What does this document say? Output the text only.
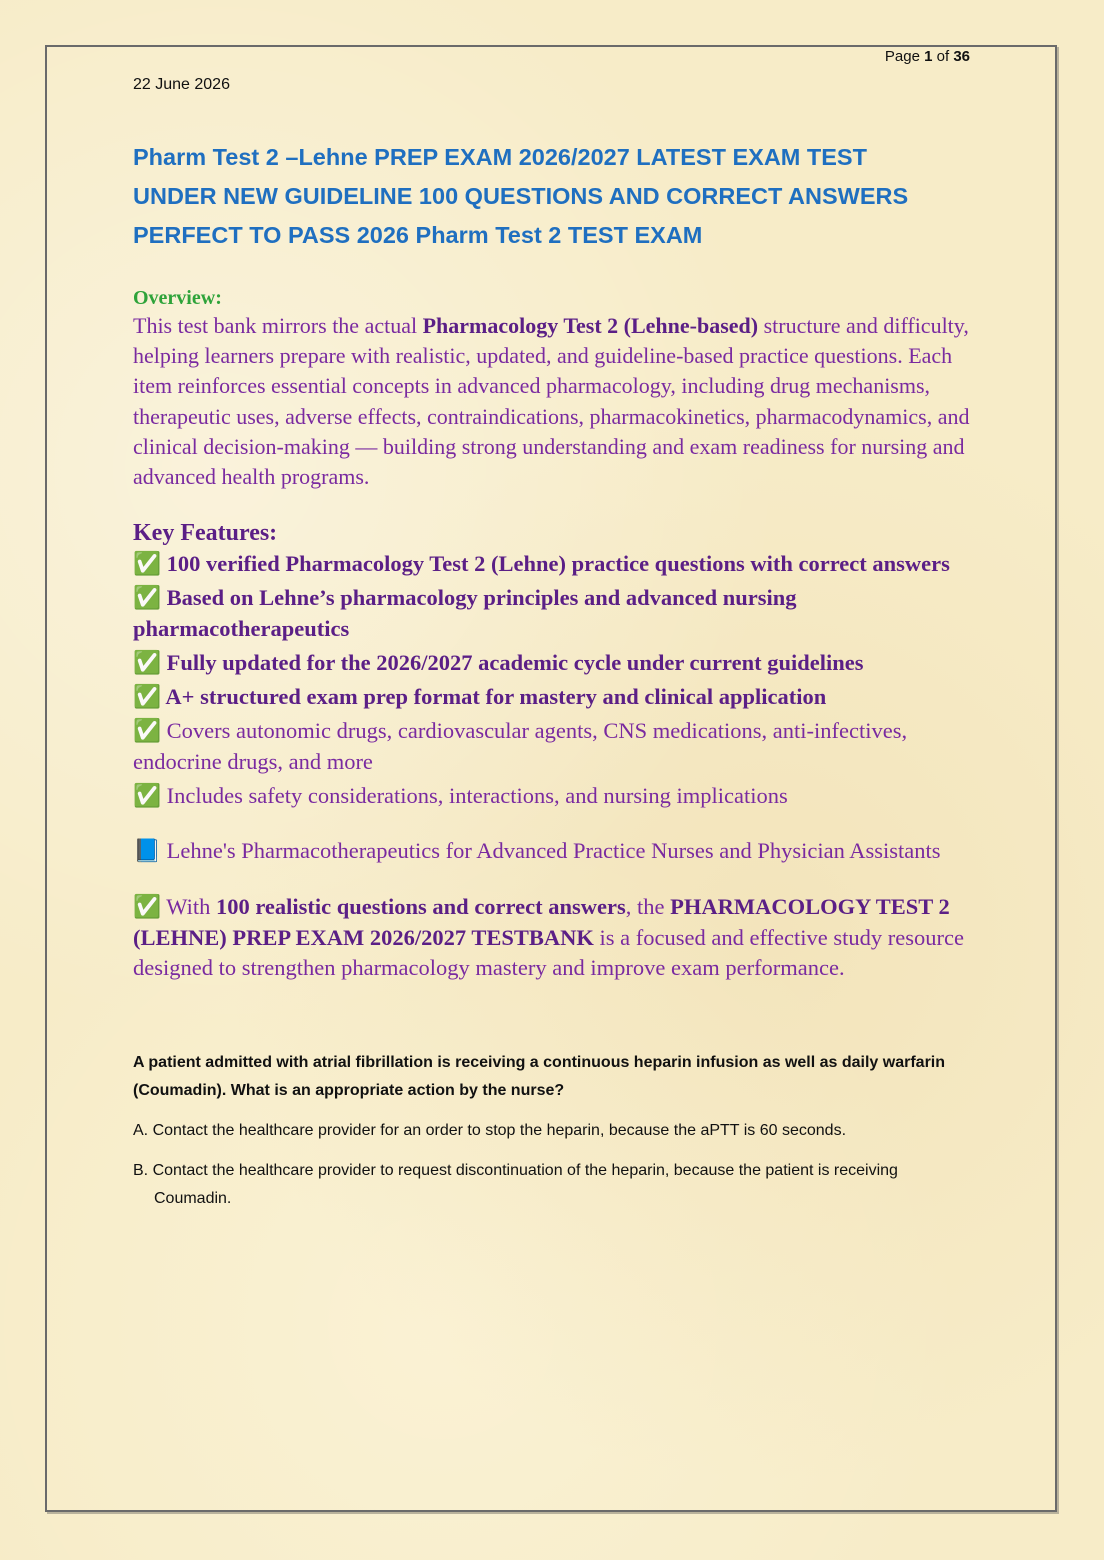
Page 1 of 36
22 June 2026
Pharm Test 2 –Lehne PREP EXAM 2026/2027 LATEST EXAM TEST
UNDER NEW GUIDELINE 100 QUESTIONS AND CORRECT ANSWERS
PERFECT TO PASS 2026 Pharm Test 2 TEST EXAM
Overview:

This test bank mirrors the actual Pharmacology Test 2 (Lehne-based) structure and difficulty, helping learners prepare with realistic, updated, and guideline-based practice questions. Each item reinforces essential concepts in advanced pharmacology, including drug mechanisms, therapeutic uses, adverse effects, contraindications, pharmacokinetics, pharmacodynamics, and clinical decision-making — building strong understanding and exam readiness for nursing and advanced health programs.

Key Features:

✅ 100 verified Pharmacology Test 2 (Lehne) practice questions with correct answers

✅ Based on Lehne’s pharmacology principles and advanced nursing pharmacotherapeutics

✅ Fully updated for the 2026/2027 academic cycle under current guidelines

✅ A+ structured exam prep format for mastery and clinical application

✅ Covers autonomic drugs, cardiovascular agents, CNS medications, anti-infectives, endocrine drugs, and more

✅ Includes safety considerations, interactions, and nursing implications

📘 Lehne's Pharmacotherapeutics for Advanced Practice Nurses and Physician Assistants
✅ With 100 realistic questions and correct answers, the PHARMACOLOGY TEST 2 (LEHNE) PREP EXAM 2026/2027 TESTBANK is a focused and effective study resource designed to strengthen pharmacology mastery and improve exam performance.
A patient admitted with atrial fibrillation is receiving a continuous heparin infusion as well as daily warfarin (Coumadin). What is an appropriate action by the nurse?
A. Contact the healthcare provider for an order to stop the heparin, because the aPTT is 60 seconds.
B. Contact the healthcare provider to request discontinuation of the heparin, because the patient is receiving Coumadin.
